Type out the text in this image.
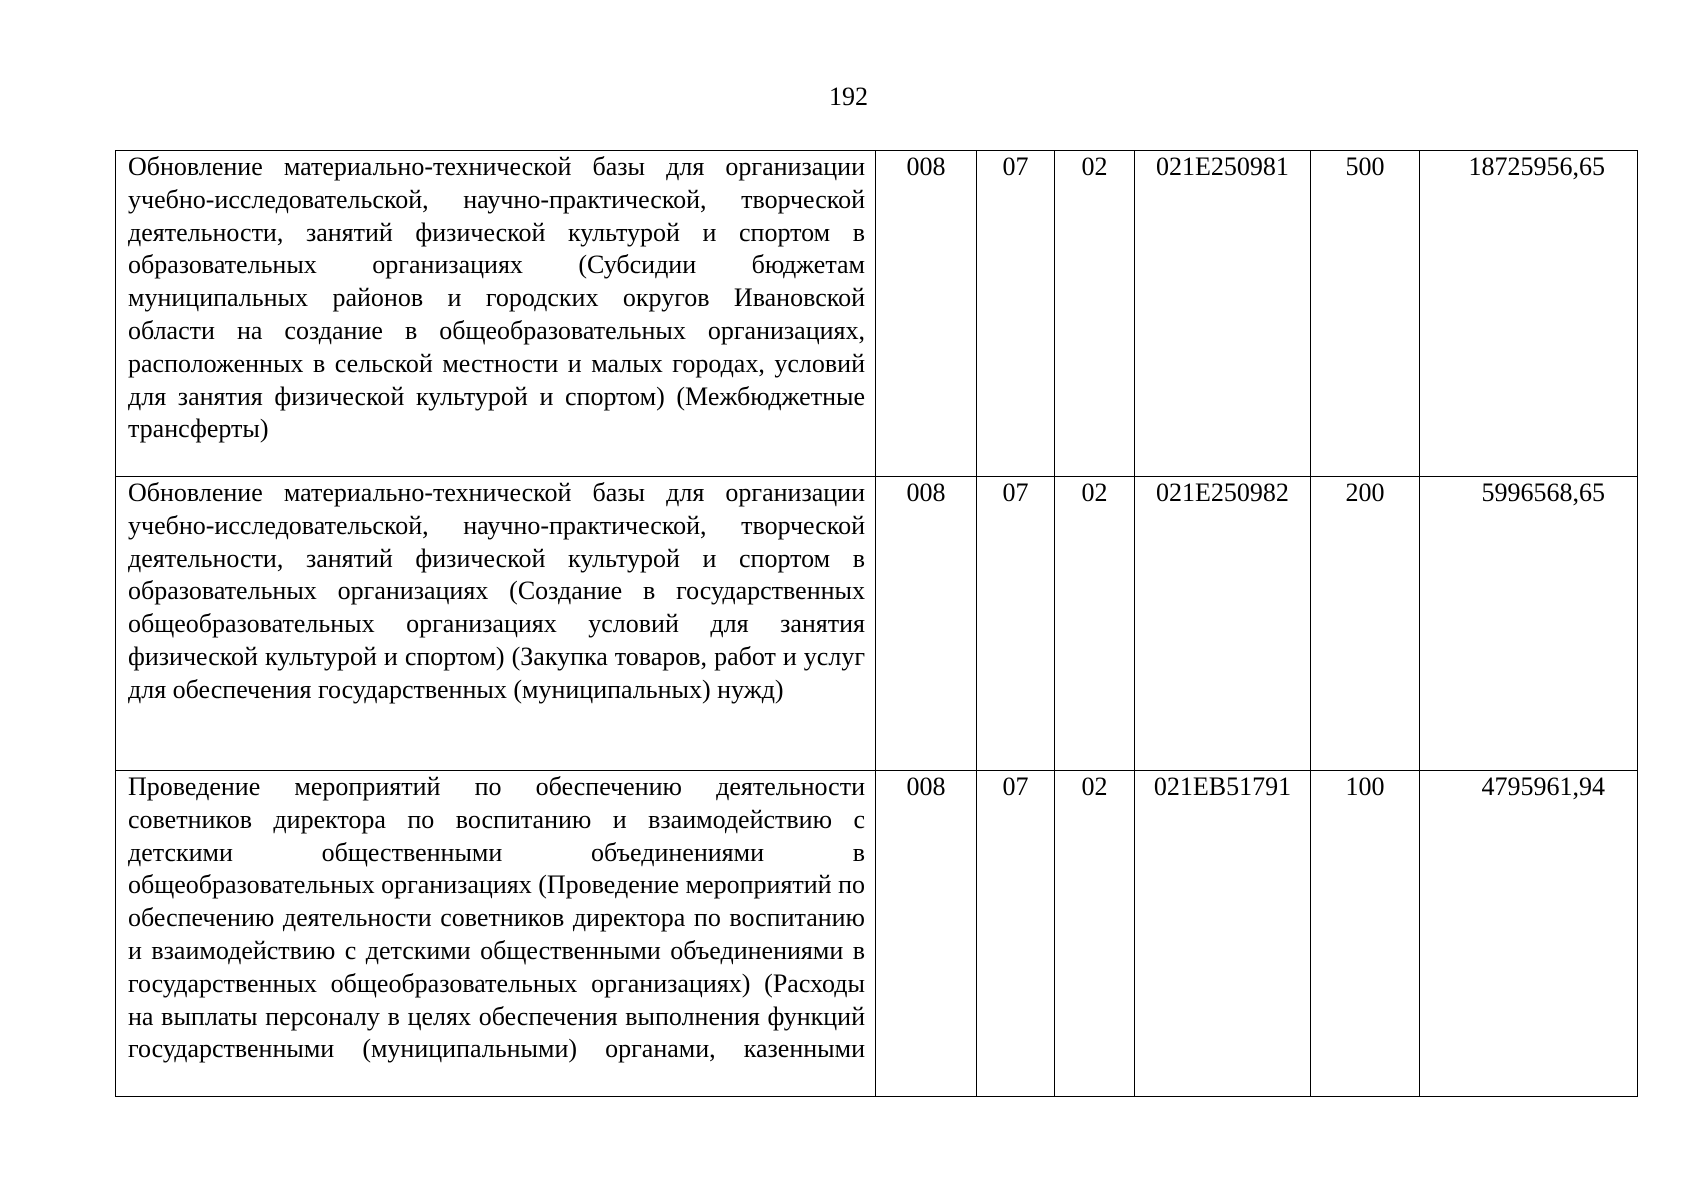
192
Обновление материально-технической базы для организации учебно-исследовательской, научно-практической, творческой деятельности, занятий физической культурой и спортом в образовательных организациях (Субсидии бюджетам муниципальных районов и городских округов Ивановской области на создание в общеобразовательных организациях, расположенных в сельской местности и малых городах, условий для занятия физической культурой и спортом) (Межбюджетные трансферты)	008	07	02	021Е250981	500	18725956,65
Обновление материально-технической базы для организации учебно-исследовательской, научно-практической, творческой деятельности, занятий физической культурой и спортом в образовательных организациях (Создание в государственных общеобразовательных организациях условий для занятия физической культурой и спортом) (Закупка товаров, работ и услуг для обеспечения государственных (муниципальных) нужд)	008	07	02	021Е250982	200	5996568,65
Проведение мероприятий по обеспечению деятельности советников директора по воспитанию и взаимодействию с детскими общественными объединениями в общеобразовательных организациях (Проведение мероприятий по обеспечению деятельности советников директора по воспитанию и взаимодействию с детскими общественными объединениями в государственных общеобразовательных организациях) (Расходы на выплаты персоналу в целях обеспечения выполнения функций государственными (муниципальными) органами, казенными	008	07	02	021ЕВ51791	100	4795961,94
